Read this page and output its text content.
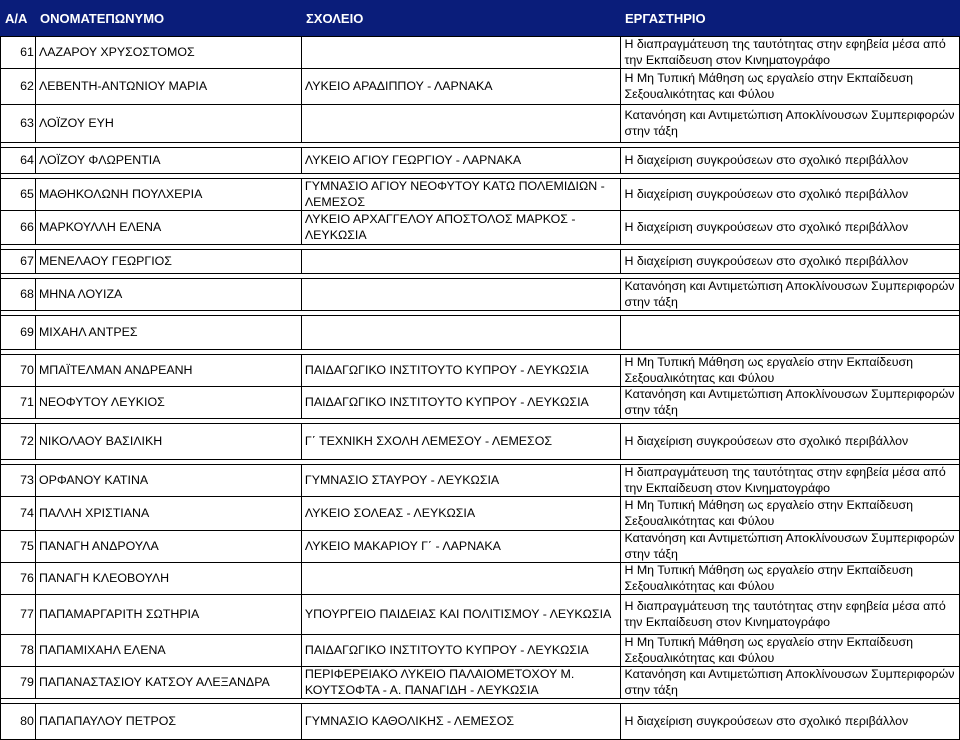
Α/Α ΟΝΟΜΑΤΕΠΩΝΥΜΟ	ΣΧΟΛΕΙΟ	ΕΡΓΑΣΤΗΡΙΟ
61	ΛΑΖΑΡΟΥ ΧΡΥΣΟΣΤΟΜΟΣ		Η διαπραγμάτευση της ταυτότητας στην εφηβεία μέσα από την Εκπαίδευση στον Κινηματογράφο
62	ΛΕΒΕΝΤΗ-ΑΝΤΩΝΙΟΥ ΜΑΡΙΑ	ΛΥΚΕΙΟ ΑΡΑΔΙΠΠΟΥ - ΛΑΡΝΑΚΑ	Η Μη Τυπική Μάθηση ως εργαλείο στην Εκπαίδευση Σεξουαλικότητας και Φύλου
63	ΛΟΪΖΟΥ ΕΥΗ		Κατανόηση και Αντιμετώπιση Αποκλίνουσων Συμπεριφορών στην τάξη

64	ΛΟΪΖΟΥ ΦΛΩΡΕΝΤΙΑ	ΛΥΚΕΙΟ ΑΓΙΟΥ ΓΕΩΡΓΙΟΥ - ΛΑΡΝΑΚΑ	Η διαχείριση συγκρούσεων στο σχολικό περιβάλλον

65	ΜΑΘΗΚΟΛΩΝΗ ΠΟΥΛΧΕΡΙΑ	ΓΥΜΝΑΣΙΟ ΑΓΙΟΥ ΝΕΟΦΥΤΟΥ ΚΑΤΩ ΠΟΛΕΜΙΔΙΩΝ - ΛΕΜΕΣΟΣ	Η διαχείριση συγκρούσεων στο σχολικό περιβάλλον
66	ΜΑΡΚΟΥΛΛΗ ΕΛΕΝΑ	ΛΥΚΕΙΟ ΑΡΧΑΓΓΕΛΟΥ ΑΠΟΣΤΟΛΟΣ ΜΑΡΚΟΣ - ΛΕΥΚΩΣΙΑ	Η διαχείριση συγκρούσεων στο σχολικό περιβάλλον

67	ΜΕΝΕΛΑΟΥ ΓΕΩΡΓΙΟΣ		Η διαχείριση συγκρούσεων στο σχολικό περιβάλλον

68	ΜΗΝΑ ΛΟΥΙΖΑ		Κατανόηση και Αντιμετώπιση Αποκλίνουσων Συμπεριφορών στην τάξη

69	ΜΙΧΑΗΛ ΑΝΤΡΕΣ		

70	ΜΠΑΪΤΕΛΜΑΝ ΑΝΔΡΕΑΝΗ	ΠΑΙΔΑΓΩΓΙΚΟ ΙΝΣΤΙΤΟΥΤΟ ΚΥΠΡΟΥ - ΛΕΥΚΩΣΙΑ	Η Μη Τυπική Μάθηση ως εργαλείο στην Εκπαίδευση Σεξουαλικότητας και Φύλου
71	ΝΕΟΦΥΤΟΥ ΛΕΥΚΙΟΣ	ΠΑΙΔΑΓΩΓΙΚΟ ΙΝΣΤΙΤΟΥΤΟ ΚΥΠΡΟΥ - ΛΕΥΚΩΣΙΑ	Κατανόηση και Αντιμετώπιση Αποκλίνουσων Συμπεριφορών στην τάξη

72	ΝΙΚΟΛΑΟΥ ΒΑΣΙΛΙΚΗ	Γ΄ ΤΕΧΝΙΚΗ ΣΧΟΛΗ ΛΕΜΕΣΟΥ - ΛΕΜΕΣΟΣ	Η διαχείριση συγκρούσεων στο σχολικό περιβάλλον

73	ΟΡΦΑΝΟΥ ΚΑΤΙΝΑ	ΓΥΜΝΑΣΙΟ ΣΤΑΥΡΟΥ - ΛΕΥΚΩΣΙΑ	Η διαπραγμάτευση της ταυτότητας στην εφηβεία μέσα από την Εκπαίδευση στον Κινηματογράφο
74	ΠΑΛΛΗ ΧΡΙΣΤΙΑΝΑ	ΛΥΚΕΙΟ ΣΟΛΕΑΣ - ΛΕΥΚΩΣΙΑ	Η Μη Τυπική Μάθηση ως εργαλείο στην Εκπαίδευση Σεξουαλικότητας και Φύλου
75	ΠΑΝΑΓΗ ΑΝΔΡΟΥΛΑ	ΛΥΚΕΙΟ ΜΑΚΑΡΙΟΥ Γ΄ - ΛΑΡΝΑΚΑ	Κατανόηση και Αντιμετώπιση Αποκλίνουσων Συμπεριφορών στην τάξη
76	ΠΑΝΑΓΗ ΚΛΕΟΒΟΥΛΗ		Η Μη Τυπική Μάθηση ως εργαλείο στην Εκπαίδευση Σεξουαλικότητας και Φύλου
77	ΠΑΠΑΜΑΡΓΑΡΙΤΗ ΣΩΤΗΡΙΑ	ΥΠΟΥΡΓΕΙΟ ΠΑΙΔΕΙΑΣ ΚΑΙ ΠΟΛΙΤΙΣΜΟΥ - ΛΕΥΚΩΣΙΑ	Η διαπραγμάτευση της ταυτότητας στην εφηβεία μέσα από την Εκπαίδευση στον Κινηματογράφο
78	ΠΑΠΑΜΙΧΑΗΛ ΕΛΕΝΑ	ΠΑΙΔΑΓΩΓΙΚΟ ΙΝΣΤΙΤΟΥΤΟ ΚΥΠΡΟΥ - ΛΕΥΚΩΣΙΑ	Η Μη Τυπική Μάθηση ως εργαλείο στην Εκπαίδευση Σεξουαλικότητας και Φύλου
79	ΠΑΠΑΝΑΣΤΑΣΙΟΥ ΚΑΤΣΟΥ ΑΛΕΞΑΝΔΡΑ	ΠΕΡΙΦΕΡΕΙΑΚΟ ΛΥΚΕΙΟ ΠΑΛΑΙΟΜΕΤΟΧΟΥ Μ. ΚΟΥΤΣΟΦΤΑ - Α. ΠΑΝΑΓΙΔΗ - ΛΕΥΚΩΣΙΑ	Κατανόηση και Αντιμετώπιση Αποκλίνουσων Συμπεριφορών στην τάξη

80	ΠΑΠΑΠΑΥΛΟΥ ΠΕΤΡΟΣ	ΓΥΜΝΑΣΙΟ ΚΑΘΟΛΙΚΗΣ - ΛΕΜΕΣΟΣ	Η διαχείριση συγκρούσεων στο σχολικό περιβάλλον
